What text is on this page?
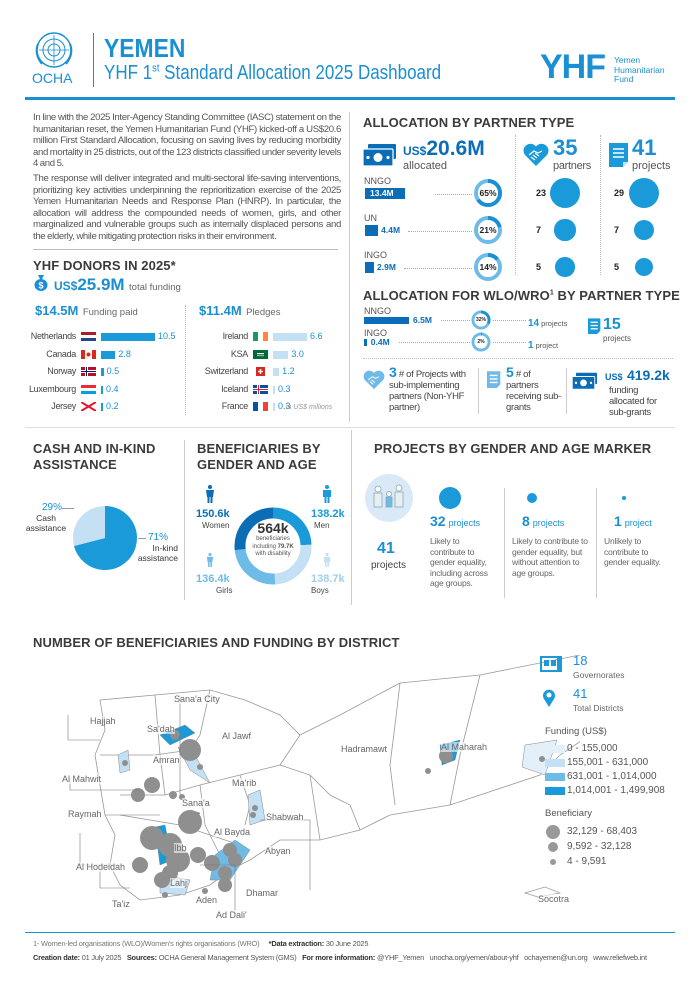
OCHA
YEMEN
YHF 1st Standard Allocation 2025 Dashboard	YHF Yemen
Humanitarian
Fund

In line with the 2025 Inter-Agency Standing Committee (IASC) statement on the humanitarian reset, the Yemen Humanitarian Fund (YHF) kicked-off a US$20.6 million First Standard Allocation, focusing on saving lives by reducing morbidity and mortality in 25 districts, out of the 123 districts classified under severity levels 4 and 5.

The response will deliver integrated and multi-sectoral life-saving interventions, prioritizing key activities underpinning the reprioritization exercise of the 2025 Yemen Humanitarian Needs and Response Plan (HNRP). In particular, the allocation will address the compounded needs of women, girls, and other marginalized and vulnerable groups such as internally displaced persons and the elderly, while mitigating protection risks in their environment.

YHF DONORS IN 2025*
$ US$25.9M total funding
$14.5M Funding paid	$11.4M Pledges
Netherlands	10.5
Canada	2.8
Norway	0.5
Luxembourg	0.4
Jersey	0.2
Ireland	6.6
KSA	3.0
Switzerland	1.2
Iceland	0.3
France	0.3
in US$ millions
ALLOCATION BY PARTNER TYPE
US$20.6M
allocated
35
partners
41
projects
NNGO
13.4M	65%	23	29
UN
4.4M	21%	7	7
INGO
2.9M	14%	5	5
ALLOCATION FOR WLO/WRO$^1$ BY PARTNER TYPE
NNGO
6.5M	32%	14 projects
INGO
0.4M	2%	1 project
15
projects
3 # of Projects with sub-implementing partners (Non-YHF partner)
5 # of partners receiving sub-grants
US$ 419.2k
funding allocated for sub-grants
CASH AND IN-KIND
ASSISTANCE
29%
Cash
assistance
71%
In-kind
assistance
BENEFICIARIES BY
GENDER AND AGE
564k
beneficiaries
including 79.7K
with disability
150.6k
Women
138.2k
Men
136.4k
Girls
138.7k
Boys
PROJECTS BY GENDER AND AGE MARKER
41
projects
32 projects
Likely to contribute to gender equality, including across age groups.
8 projects
Likely to contribute to gender equality, but without attention to age groups.
1 project
Unlikely to contribute to gender equality.
NUMBER OF BENEFICIARIES AND FUNDING BY DISTRICT
Sana'a City
Hajjah
Sa'dah
Al Jawf
Amran
Al Mahwit	Ma'rib
Sana'a
Raymah	Shabwah
Al Bayda
Ibb	Abyan
Al Hodeidah
Lahj
Dhamar
Ta'iz	Aden
Ad Dali'
Hadramawt	Al Maharah
Socotra
18
Governorates
41
Total Districts
Funding (US$)
0 - 155,000
155,001 - 631,000
631,001 - 1,014,000
1,014,001 - 1,499,908
Beneficiary
32,129 - 68,403
9,592 - 32,128
4 - 9,591
1- Women-led organisations (WLO)/Women's rights organisations (WRO) *Data extraction: 30 June 2025
Creation date: 01 July 2025 Sources: OCHA General Management System (GMS) For more information: @YHF_Yemen unocha.org/yemen/about-yhf ochayemen@un.org www.reliefweb.int
